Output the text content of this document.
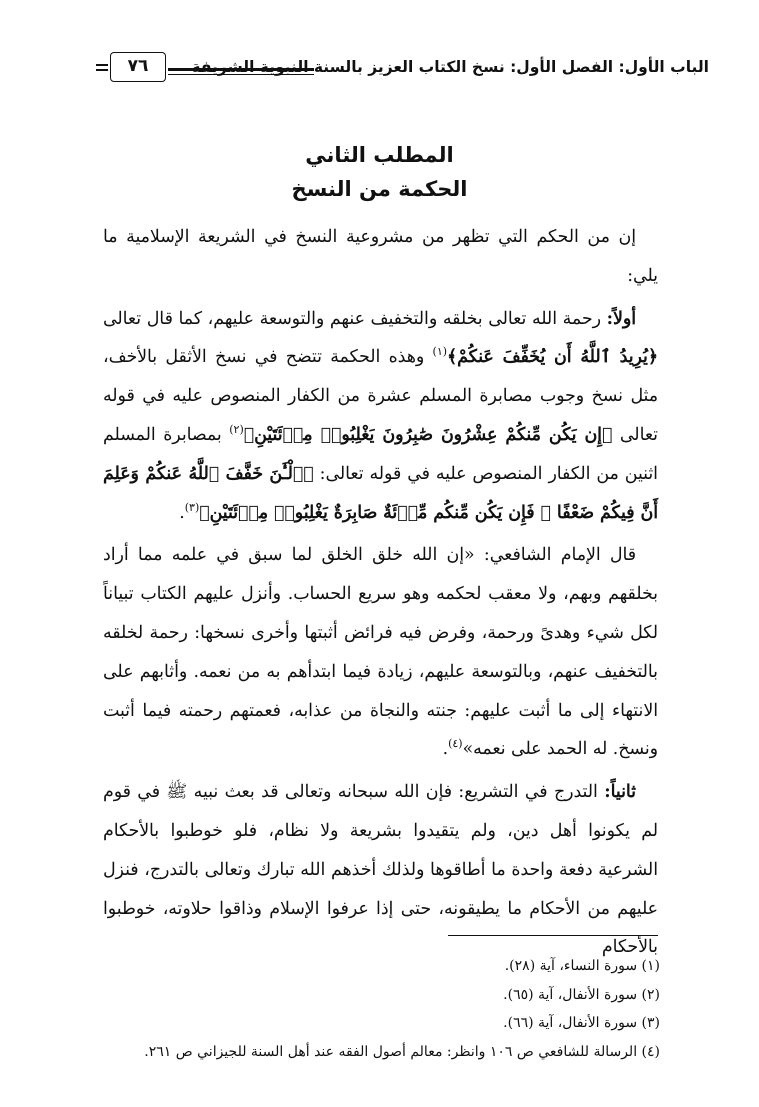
الباب الأول: الفصل الأول: نسخ الكتاب العزيز بالسنة النبوية الشريفة
٧٦
المطلب الثاني
الحكمة من النسخ

إن من الحكم التي تظهر من مشروعية النسخ في الشريعة الإسلامية ما يلي:

أولاً: رحمة الله تعالى بخلقه والتخفيف عنهم والتوسعة عليهم، كما قال تعالى ﴿يُرِيدُ ٱللَّهُ أَن يُخَفِّفَ عَنكُمْ﴾$^{(١)}$ وهذه الحكمة تتضح في نسخ الأثقل بالأخف، مثل نسخ وجوب مصابرة المسلم عشرة من الكفار المنصوص عليه في قوله تعالى ﴿إِن يَكُن مِّنكُمْ عِشْرُونَ صَٰبِرُونَ يَغْلِبُوا۟ مِا۟ئَتَيْنِ﴾$^{(٢)}$ بمصابرة المسلم اثنين من الكفار المنصوص عليه في قوله تعالى: ﴿ٱلْـَٰٔنَ خَفَّفَ ٱللَّهُ عَنكُمْ وَعَلِمَ أَنَّ فِيكُمْ ضَعْفًا ۚ فَإِن يَكُن مِّنكُم مِّا۟ئَةٌ صَابِرَةٌ يَغْلِبُوا۟ مِا۟ئَتَيْنِ﴾$^{(٣)}$.

قال الإمام الشافعي: «إن الله خلق الخلق لما سبق في علمه مما أراد بخلقهم وبهم، ولا معقب لحكمه وهو سريع الحساب. وأنزل عليهم الكتاب تبياناً لكل شيء وهدىً ورحمة، وفرض فيه فرائض أثبتها وأخرى نسخها: رحمة لخلقه بالتخفيف عنهم، وبالتوسعة عليهم، زيادة فيما ابتدأهم به من نعمه. وأثابهم على الانتهاء إلى ما أثبت عليهم: جنته والنجاة من عذابه، فعمتهم رحمته فيما أثبت ونسخ. له الحمد على نعمه»$^{(٤)}$.

ثانياً: التدرج في التشريع: فإن الله سبحانه وتعالى قد بعث نبيه ﷺ في قوم لم يكونوا أهل دين، ولم يتقيدوا بشريعة ولا نظام، فلو خوطبوا بالأحكام الشرعية دفعة واحدة ما أطاقوها ولذلك أخذهم الله تبارك وتعالى بالتدرج، فنزل عليهم من الأحكام ما يطيقونه، حتى إذا عرفوا الإسلام وذاقوا حلاوته، خوطبوا بالأحكام

(١) سورة النساء، آية (٢٨).
(٢) سورة الأنفال، آية (٦٥).
(٣) سورة الأنفال، آية (٦٦).
(٤) الرسالة للشافعي ص ١٠٦ وانظر: معالم أصول الفقه عند أهل السنة للجيزاني ص ٢٦١.
